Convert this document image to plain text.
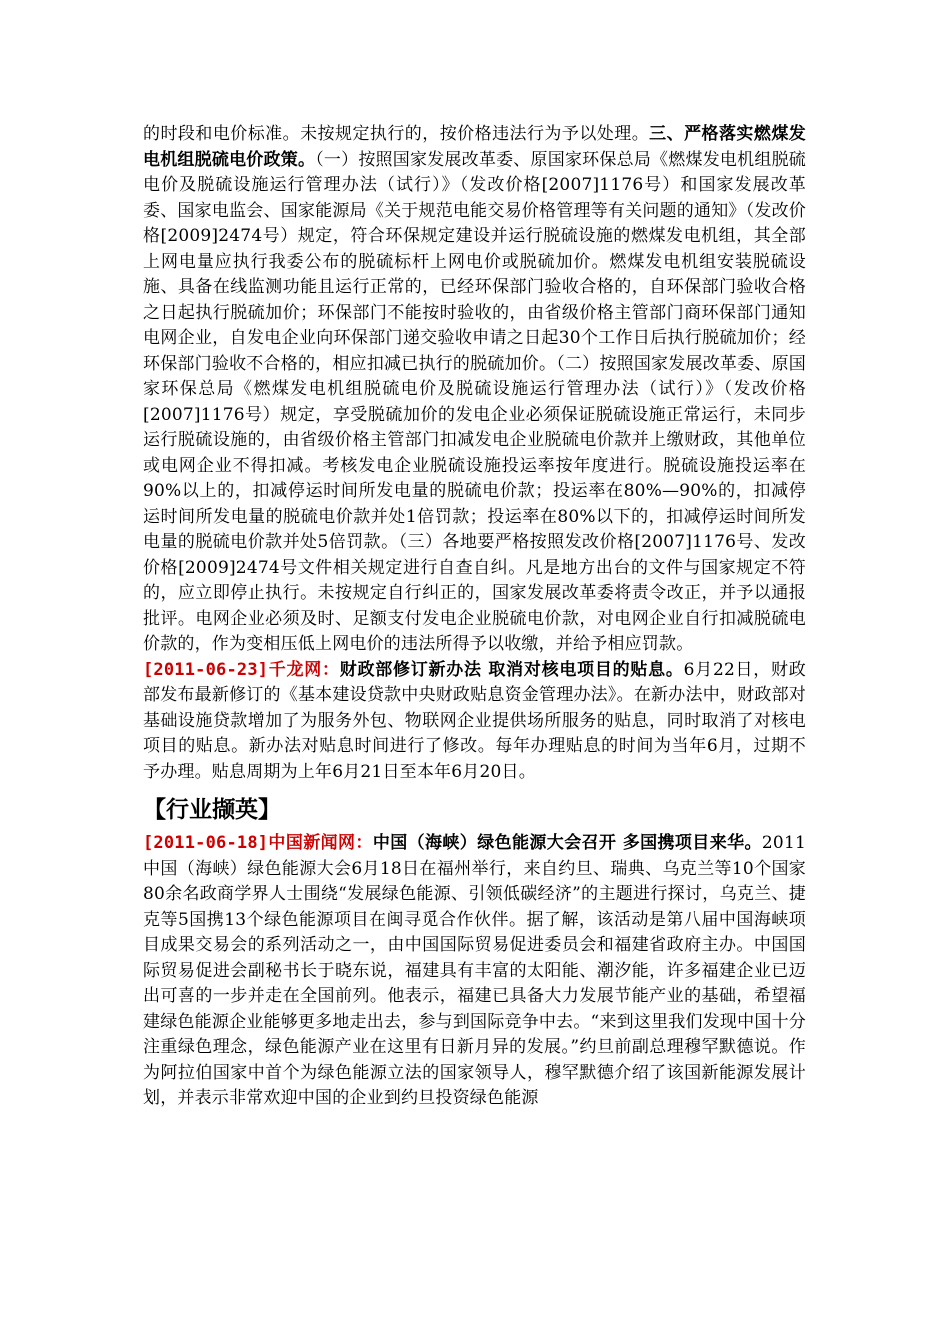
的时段和电价标准。未按规定执行的，按价格违法行为予以处理。三、严格落实燃煤发电机组脱硫电价政策。（一）按照国家发展改革委、原国家环保总局《燃煤发电机组脱硫电价及脱硫设施运行管理办法（试行）》（发改价格[2007]1176号）和国家发展改革委、国家电监会、国家能源局《关于规范电能交易价格管理等有关问题的通知》（发改价格[2009]2474号）规定，符合环保规定建设并运行脱硫设施的燃煤发电机组，其全部上网电量应执行我委公布的脱硫标杆上网电价或脱硫加价。燃煤发电机组安装脱硫设施、具备在线监测功能且运行正常的，已经环保部门验收合格的，自环保部门验收合格之日起执行脱硫加价；环保部门不能按时验收的，由省级价格主管部门商环保部门通知电网企业，自发电企业向环保部门递交验收申请之日起30个工作日后执行脱硫加价；经环保部门验收不合格的，相应扣减已执行的脱硫加价。（二）按照国家发展改革委、原国家环保总局《燃煤发电机组脱硫电价及脱硫设施运行管理办法（试行）》（发改价格[2007]1176号）规定，享受脱硫加价的发电企业必须保证脱硫设施正常运行，未同步运行脱硫设施的，由省级价格主管部门扣减发电企业脱硫电价款并上缴财政，其他单位或电网企业不得扣减。考核发电企业脱硫设施投运率按年度进行。脱硫设施投运率在90%以上的，扣减停运时间所发电量的脱硫电价款；投运率在80%—90%的，扣减停运时间所发电量的脱硫电价款并处1倍罚款；投运率在80%以下的，扣减停运时间所发电量的脱硫电价款并处5倍罚款。（三）各地要严格按照发改价格[2007]1176号、发改价格[2009]2474号文件相关规定进行自查自纠。凡是地方出台的文件与国家规定不符的，应立即停止执行。未按规定自行纠正的，国家发展改革委将责令改正，并予以通报批评。电网企业必须及时、足额支付发电企业脱硫电价款，对电网企业自行扣减脱硫电价款的，作为变相压低上网电价的违法所得予以收缴，并给予相应罚款。

[2011-06-23]千龙网：财政部修订新办法 取消对核电项目的贴息。6月22日，财政部发布最新修订的《基本建设贷款中央财政贴息资金管理办法》。在新办法中，财政部对基础设施贷款增加了为服务外包、物联网企业提供场所服务的贴息，同时取消了对核电项目的贴息。新办法对贴息时间进行了修改。每年办理贴息的时间为当年6月，过期不予办理。贴息周期为上年6月21日至本年6月20日。

【行业撷英】

[2011-06-18]中国新闻网：中国（海峡）绿色能源大会召开 多国携项目来华。2011中国（海峡）绿色能源大会6月18日在福州举行，来自约旦、瑞典、乌克兰等10个国家80余名政商学界人士围绕“发展绿色能源、引领低碳经济”的主题进行探讨，乌克兰、捷克等5国携13个绿色能源项目在闽寻觅合作伙伴。据了解，该活动是第八届中国海峡项目成果交易会的系列活动之一，由中国国际贸易促进委员会和福建省政府主办。中国国际贸易促进会副秘书长于晓东说，福建具有丰富的太阳能、潮汐能，许多福建企业已迈出可喜的一步并走在全国前列。他表示，福建已具备大力发展节能产业的基础，希望福建绿色能源企业能够更多地走出去，参与到国际竞争中去。“来到这里我们发现中国十分注重绿色理念，绿色能源产业在这里有日新月异的发展。”约旦前副总理穆罕默德说。作为阿拉伯国家中首个为绿色能源立法的国家领导人，穆罕默德介绍了该国新能源发展计划，并表示非常欢迎中国的企业到约旦投资绿色能源
